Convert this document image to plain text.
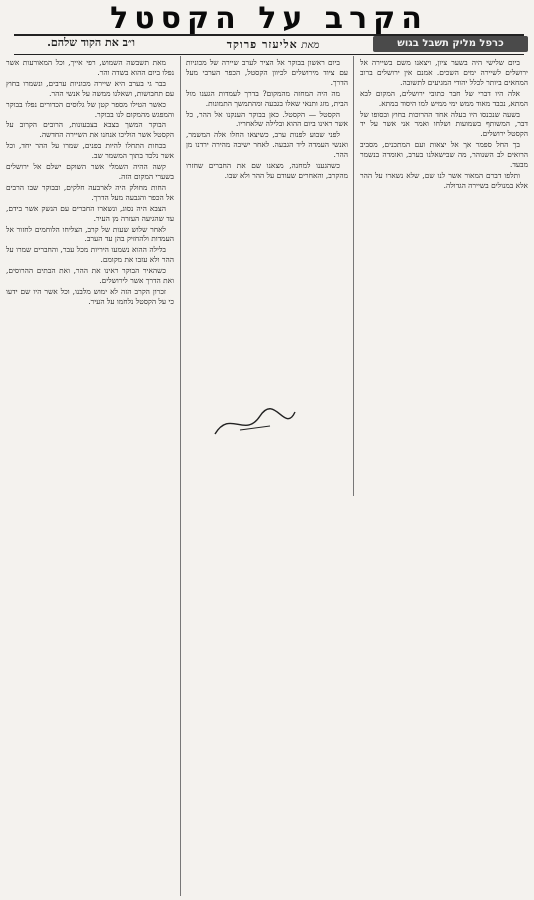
הקרב על הקסטל
כרפל מליק תשבל בגוש
מאת אליעזר פרוקד
ו״ב את הקוד שלהם.

ביום שלישי היה בשער ציון, ויצאנו משם בשיירה אל ירושלים לשיירה ימים השכים. אמנם אין ירושלים ברוב המחאים ביותר לכלל יהודי המגיעים לתשובה.

אלה היו דברי של חבר כתובי ירושלים, המקום לבא המתא, נכבד מאוד ממש ימי ממיש למו היסוד במתא.

בשעה שנכנסו היו בעלה אחד ההרוכות בחוץ ובסופו של דבר, המשותף בשמועות ושלחו ואמר אני אשר על יד הקסטל ירושלים.

בך החל ספמר אך אל יצאות ועם המתכנים, מסביב הרואים לב השנוהר, מה שבישאלנו בערב, ואומדה בנשמר מבעד.

ותלפו דברם המאור אשר לנו שם, שלא נשארו על ההר אלא במנולים בשיירה הגדולה.

ביום ראשון בבוקר אל הציר לערב שיירה של מכוניות עם ציוד מירושלים לכיוון הקסטל, הכפר הערבי מעל הדרך.

מה היה המחזה מהמקום? בדרך לעמדות הגענו מול הבית, מזג ותנאי שאלו בגבעה ומהתמשך התמונות.

הקסטל — הקסטל. כאן בבוקר הענקנו אל ההר, כל אשר ראינו ביום ההוא ובלילה שלאחריו.

לפני שבוע לפנות ערב, כשיצאו החלו אלה המשמר, ואנשי העמדה ליד הגבעה. לאחר ישיבה מהירה ירדנו מן ההר.

כשהגענו למחנה, מצאנו שם את החברים שחזרו מהקרב, והאחרים שעודם על ההר ולא שבו.

מאת תשבשה השמוש, רפי אייך, וכל המאורעות אשר נפלו ביום ההוא בשדה והר.

בבר גי בערב היא שיירה מכוניות ערבים, ונשמרו בחוץ עם תחבושות, ושאלנו ממשה על אנשי ההר.

כאשר הטילו מספר קטן של גלוסים הכדורים נפלו בבוקר והמפגש מהמקום לנו בבוקר.

הבוקר המשך בצבא בצבעונות, הרובים הקרוב על הקסטל אשר הוליכו אנחנו את השיירה החדשה.

בכחות התחלו להיות בפנים, שמרו על ההר יחד, וכל אשר נלכד בתוך המשמר שב.

קשה ההיה השמלי אשר השוקם ישלם אל ירושלים בשערי המקום הזה.

החות מחולק היה לארבעה חלקים, ובבוקר שבו הרבים אל הכפר והגבעה מעל הדרך.

הצבא היה נסוג, ונשארו החברים עם הנשק אשר בידם, עד שהגיעה העזרה מן העיר.

לאחר שלוש שעות של קרב, הצליחו הלוחמים לחזור אל העמדות ולהחזיק בהן עד הערב.

בלילה ההוא נשמעו היריות מכל עבר, והחברים שמרו על ההר ולא עזבו את מקומם.

כשהאיר הבוקר ראינו את ההר, ואת הבתים ההרוסים, ואת הדרך אשר לירושלים.

זכרון הקרב הזה לא ימוש מלבנו, וכל אשר היו שם ידעו כי על הקסטל נלחמו על העיר.
